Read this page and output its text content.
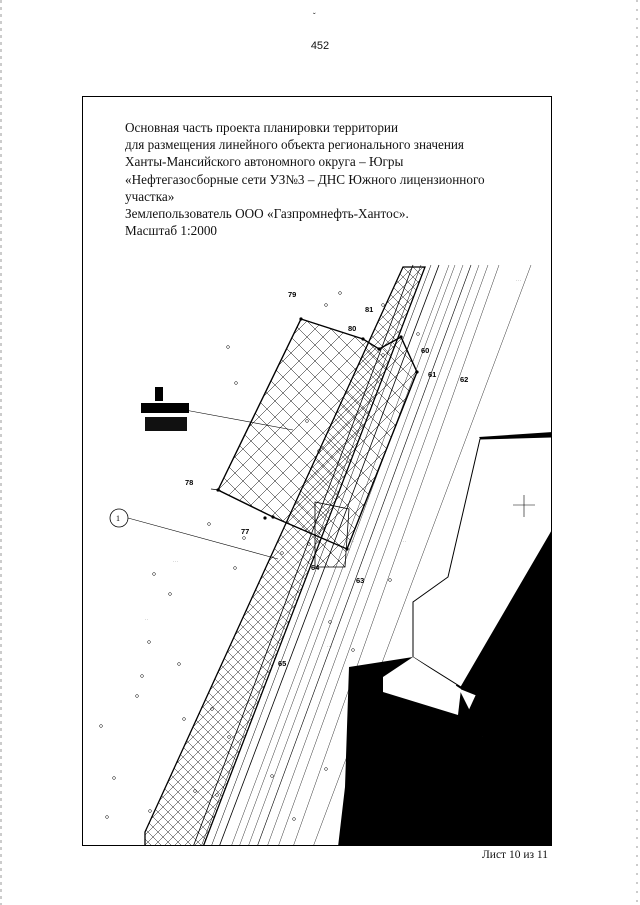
ˇ
452
1
· · ·
· ·
· · ·	· ·
· · ·
· · ·
79
80
81
60
61
62
78
77
64
63
65
Основная часть проекта планировки территории
для размещения линейного объекта регионального значения
Ханты-Мансийского автономного округа – Югры
«Нефтегазосборные сети УЗ№3 – ДНС Южного лицензионного
участка»
Землепользователь ООО «Газпромнефть-Хантос».
Масштаб 1:2000
Лист 10 из 11
